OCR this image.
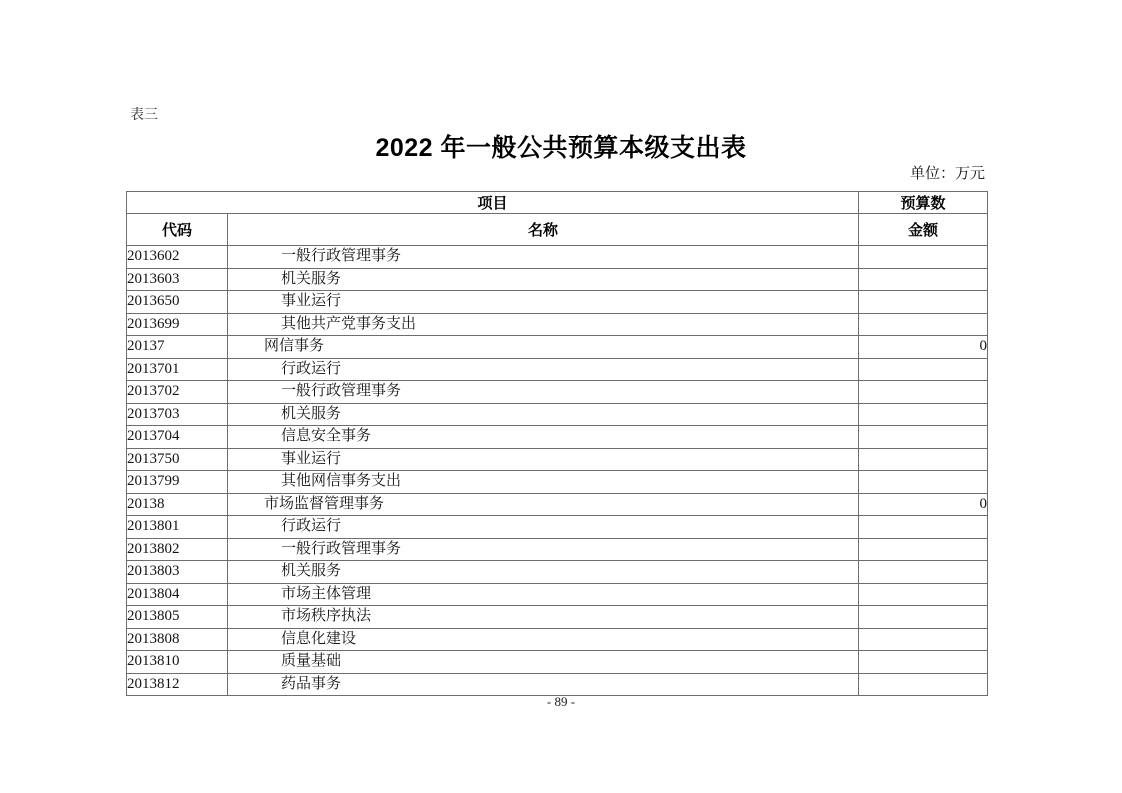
表三
2022 年一般公共预算本级支出表
单位：万元
项目		预算数
代码	名称	金额
2013602	一般行政管理事务	
2013603	机关服务	
2013650	事业运行	
2013699	其他共产党事务支出	
20137	网信事务	0
2013701	行政运行	
2013702	一般行政管理事务	
2013703	机关服务	
2013704	信息安全事务	
2013750	事业运行	
2013799	其他网信事务支出	
20138	市场监督管理事务	0
2013801	行政运行	
2013802	一般行政管理事务	
2013803	机关服务	
2013804	市场主体管理	
2013805	市场秩序执法	
2013808	信息化建设	
2013810	质量基础	
2013812	药品事务	
- 89 -
